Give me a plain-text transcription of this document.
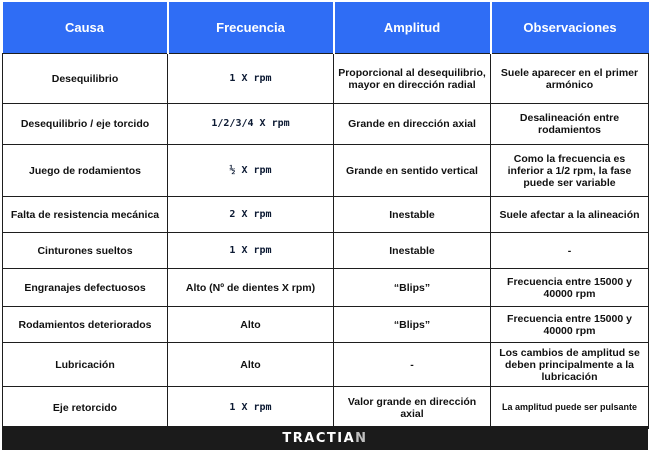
Causa	Frecuencia	Amplitud	Observaciones
Desequilibrio	1 X rpm	Proporcional al desequilibrio, mayor en dirección radial	Suele aparecer en el primer armónico
Desequilibrio / eje torcido	1/2/3/4 X rpm	Grande en dirección axial	Desalineación entre rodamientos
Juego de rodamientos	½ X rpm	Grande en sentido vertical	Como la frecuencia es inferior a 1/2 rpm, la fase puede ser variable
Falta de resistencia mecánica	2 X rpm	Inestable	Suele afectar a la alineación
Cinturones sueltos	1 X rpm	Inestable	-
Engranajes defectuosos	Alto (Nº de dientes X rpm)	“Blips”	Frecuencia entre 15000 y 40000 rpm
Rodamientos deteriorados	Alto	“Blips”	Frecuencia entre 15000 y 40000 rpm
Lubricación	Alto	-	Los cambios de amplitud se deben principalmente a la lubricación
Eje retorcido	1 X rpm	Valor grande en dirección axial	La amplitud puede ser pulsante
TRACTIAN
